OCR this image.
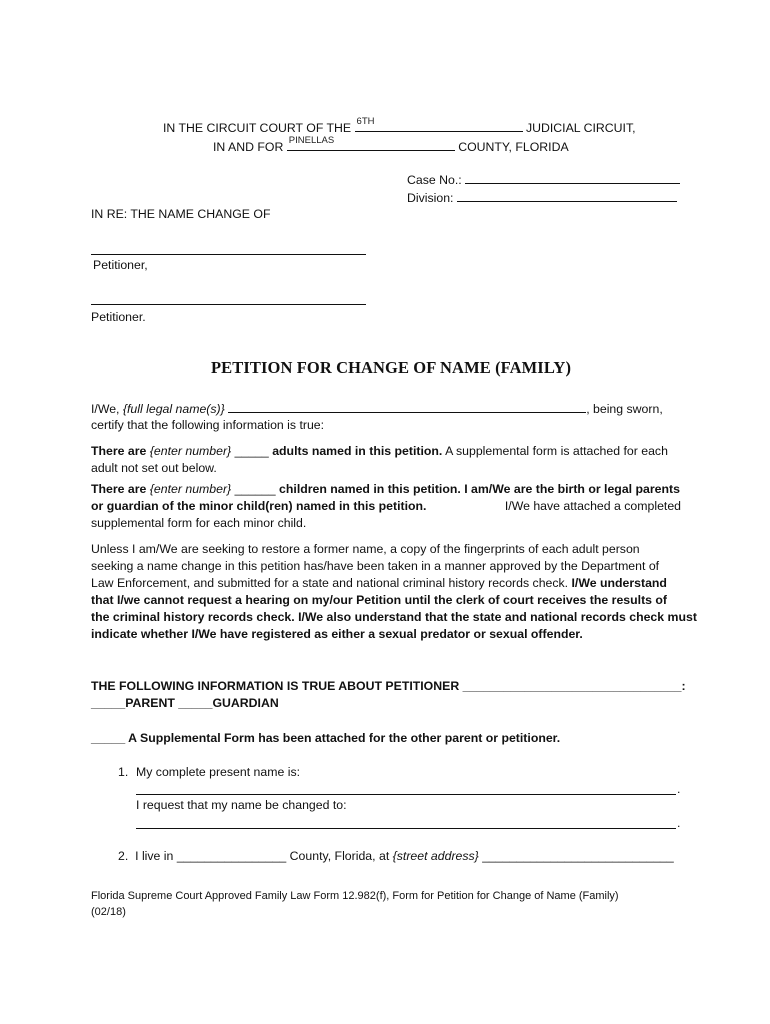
IN THE CIRCUIT COURT OF THE 6TH	JUDICIAL CIRCUIT,
IN AND FOR PINELLAS	COUNTY, FLORIDA
Case No.:
Division:
IN RE: THE NAME CHANGE OF
Petitioner,
Petitioner.
PETITION FOR CHANGE OF NAME (FAMILY)
I/We, {full legal name(s)}	, being sworn,
certify that the following information is true:
There are {enter number} _____ adults named in this petition. A supplemental form is attached for each
adult not set out below.
There are {enter number} ______ children named in this petition. I am/We are the birth or legal parents
or guardian of the minor child(ren) named in this petition.	I/We have attached a completed
supplemental form for each minor child.
Unless I am/We are seeking to restore a former name, a copy of the fingerprints of each adult person
seeking a name change in this petition has/have been taken in a manner approved by the Department of
Law Enforcement, and submitted for a state and national criminal history records check. I/We understand
that I/we cannot request a hearing on my/our Petition until the clerk of court receives the results of
the criminal history records check. I/We also understand that the state and national records check must
indicate whether I/We have registered as either a sexual predator or sexual offender.
THE FOLLOWING INFORMATION IS TRUE ABOUT PETITIONER ________________________________:
_____PARENT _____GUARDIAN
_____ A Supplemental Form has been attached for the other parent or petitioner.
1. My complete present name is:
.
I request that my name be changed to:
.
2. I live in ________________ County, Florida, at {street address} ____________________________
Florida Supreme Court Approved Family Law Form 12.982(f), Form for Petition for Change of Name (Family)
(02/18)
